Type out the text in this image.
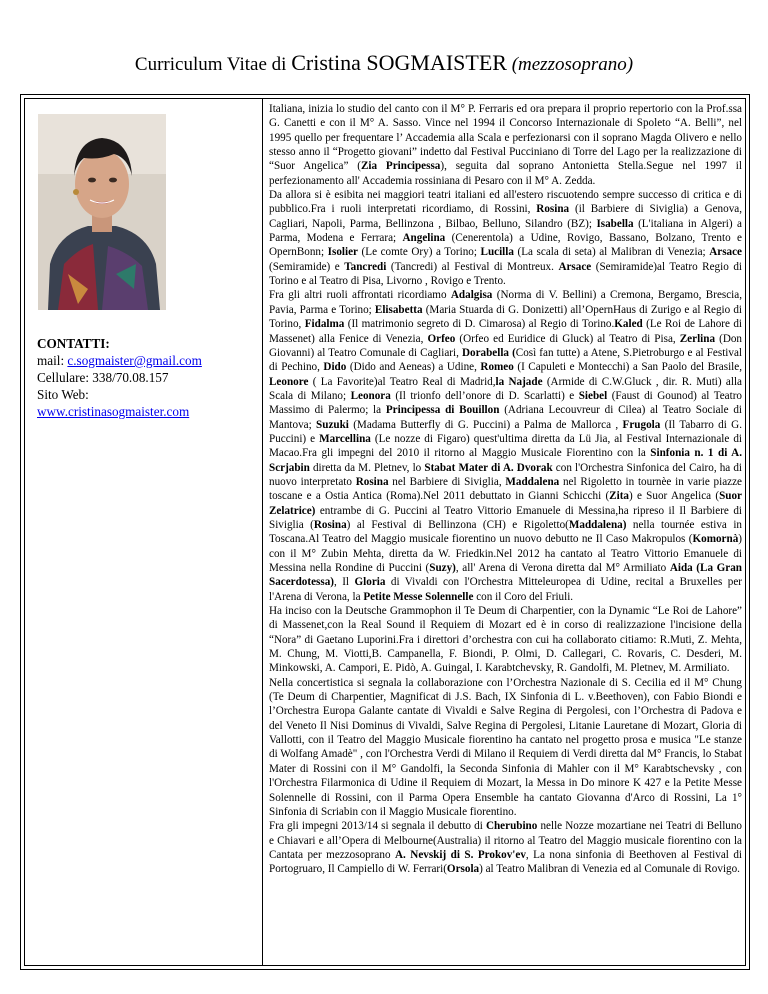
Curriculum Vitae di Cristina SOGMAISTER (mezzosoprano)
CONTATTI:
mail: c.sogmaister@gmail.com
Cellulare: 338/70.08.157
Sito Web:
www.cristinasogmaister.com

Italiana, inizia lo studio del canto con il M° P. Ferraris ed ora prepara il proprio repertorio con la Prof.ssa G. Canetti e con il M° A. Sasso. Vince nel 1994 il Concorso Internazionale di Spoleto “A. Belli”, nel 1995 quello per frequentare l’ Accademia alla Scala e perfezionarsi con il soprano Magda Olivero e nello stesso anno il “Progetto giovani” indetto dal Festival Pucciniano di Torre del Lago per la realizzazione di “Suor Angelica” (Zia Principessa), seguita dal soprano Antonietta Stella.Segue nel 1997 il perfezionamento all' Accademia rossiniana di Pesaro con il M° A. Zedda.

Da allora si è esibita nei maggiori teatri italiani ed all'estero riscuotendo sempre successo di critica e di pubblico.Fra i ruoli interpretati ricordiamo, di Rossini, Rosina (il Barbiere di Siviglia) a Genova, Cagliari, Napoli, Parma, Bellinzona , Bilbao, Belluno, Silandro (BZ); Isabella (L'italiana in Algeri) a Parma, Modena e Ferrara; Angelina (Cenerentola) a Udine, Rovigo, Bassano, Bolzano, Trento e OpernBonn; Isolier (Le comte Ory) a Torino; Lucilla (La scala di seta) al Malibran di Venezia; Arsace (Semiramide) e Tancredi (Tancredi) al Festival di Montreux. Arsace (Semiramide)al Teatro Regio di Torino e al Teatro di Pisa, Livorno , Rovigo e Trento.

Fra gli altri ruoli affrontati ricordiamo Adalgisa (Norma di V. Bellini) a Cremona, Bergamo, Brescia, Pavia, Parma e Torino; Elisabetta (Maria Stuarda di G. Donizetti) all’OpernHaus di Zurigo e al Regio di Torino, Fidalma (Il matrimonio segreto di D. Cimarosa) al Regio di Torino.Kaled (Le Roi de Lahore di Massenet) alla Fenice di Venezia, Orfeo (Orfeo ed Euridice di Gluck) al Teatro di Pisa, Zerlina (Don Giovanni) al Teatro Comunale di Cagliari, Dorabella (Così fan tutte) a Atene, S.Pietroburgo e al Festival di Pechino, Dido (Dido and Aeneas) a Udine, Romeo (I Capuleti e Montecchi) a San Paolo del Brasile, Leonore ( La Favorite)al Teatro Real di Madrid,la Najade (Armide di C.W.Gluck , dir. R. Muti) alla Scala di Milano; Leonora (Il trionfo dell’onore di D. Scarlatti) e Siebel (Faust di Gounod) al Teatro Massimo di Palermo; la Principessa di Bouillon (Adriana Lecouvreur di Cilea) al Teatro Sociale di Mantova; Suzuki (Madama Butterfly di G. Puccini) a Palma de Mallorca , Frugola (Il Tabarro di G. Puccini) e Marcellina (Le nozze di Figaro) quest'ultima diretta da Lü Jia, al Festival Internazionale di Macao.Fra gli impegni del 2010 il ritorno al Maggio Musicale Fiorentino con la Sinfonia n. 1 di A. Scrjabin diretta da M. Pletnev, lo Stabat Mater di A. Dvorak con l'Orchestra Sinfonica del Cairo, ha di nuovo interpretato Rosina nel Barbiere di Siviglia, Maddalena nel Rigoletto in tournèe in varie piazze toscane e a Ostia Antica (Roma).Nel 2011 debuttato in Gianni Schicchi (Zita) e Suor Angelica (Suor Zelatrice) entrambe di G. Puccini al Teatro Vittorio Emanuele di Messina,ha ripreso il Il Barbiere di Siviglia (Rosina) al Festival di Bellinzona (CH) e Rigoletto(Maddalena) nella tournée estiva in Toscana.Al Teatro del Maggio musicale fiorentino un nuovo debutto ne Il Caso Makropulos (Komornà) con il M° Zubin Mehta, diretta da W. Friedkin.Nel 2012 ha cantato al Teatro Vittorio Emanuele di Messina nella Rondine di Puccini (Suzy), all' Arena di Verona diretta dal M° Armiliato Aida (La Gran Sacerdotessa), Il Gloria di Vivaldi con l'Orchestra Mitteleuropea di Udine, recital a Bruxelles per l'Arena di Verona, la Petite Messe Solennelle con il Coro del Friuli.

Ha inciso con la Deutsche Grammophon il Te Deum di Charpentier, con la Dynamic “Le Roi de Lahore” di Massenet,con la Real Sound il Requiem di Mozart ed è in corso di realizzazione l'incisione della “Nora” di Gaetano Luporini.Fra i direttori d’orchestra con cui ha collaborato citiamo: R.Muti, Z. Mehta, M. Chung, M. Viotti,B. Campanella, F. Biondi, P. Olmi, D. Callegari, C. Rovaris, C. Desderi, M. Minkowski, A. Campori, E. Pidò, A. Guingal, I. Karabtchevsky, R. Gandolfi, M. Pletnev, M. Armiliato.

Nella concertistica si segnala la collaborazione con l’Orchestra Nazionale di S. Cecilia ed il M° Chung (Te Deum di Charpentier, Magnificat di J.S. Bach, IX Sinfonia di L. v.Beethoven), con Fabio Biondi e l’Orchestra Europa Galante cantate di Vivaldi e Salve Regina di Pergolesi, con l’Orchestra di Padova e del Veneto Il Nisi Dominus di Vivaldi, Salve Regina di Pergolesi, Litanie Lauretane di Mozart, Gloria di Vallotti, con il Teatro del Maggio Musicale fiorentino ha cantato nel progetto prosa e musica "Le stanze di Wolfang Amadè" , con l'Orchestra Verdi di Milano il Requiem di Verdi diretta dal M° Francis, lo Stabat Mater di Rossini con il M° Gandolfi, la Seconda Sinfonia di Mahler con il M° Karabtschevsky , con l'Orchestra Filarmonica di Udine il Requiem di Mozart, la Messa in Do minore K 427 e la Petite Messe Solennelle di Rossini, con il Parma Opera Ensemble ha cantato Giovanna d'Arco di Rossini, La 1° Sinfonia di Scriabin con il Maggio Musicale fiorentino.

Fra gli impegni 2013/14 si segnala il debutto di Cherubino nelle Nozze mozartiane nei Teatri di Belluno e Chiavari e all’Opera di Melbourne(Australia) il ritorno al Teatro del Maggio musicale fiorentino con la Cantata per mezzosoprano A. Nevskij di S. Prokov'ev, La nona sinfonia di Beethoven al Festival di Portogruaro, Il Campiello di W. Ferrari(Orsola) al Teatro Malibran di Venezia ed al Comunale di Rovigo.
